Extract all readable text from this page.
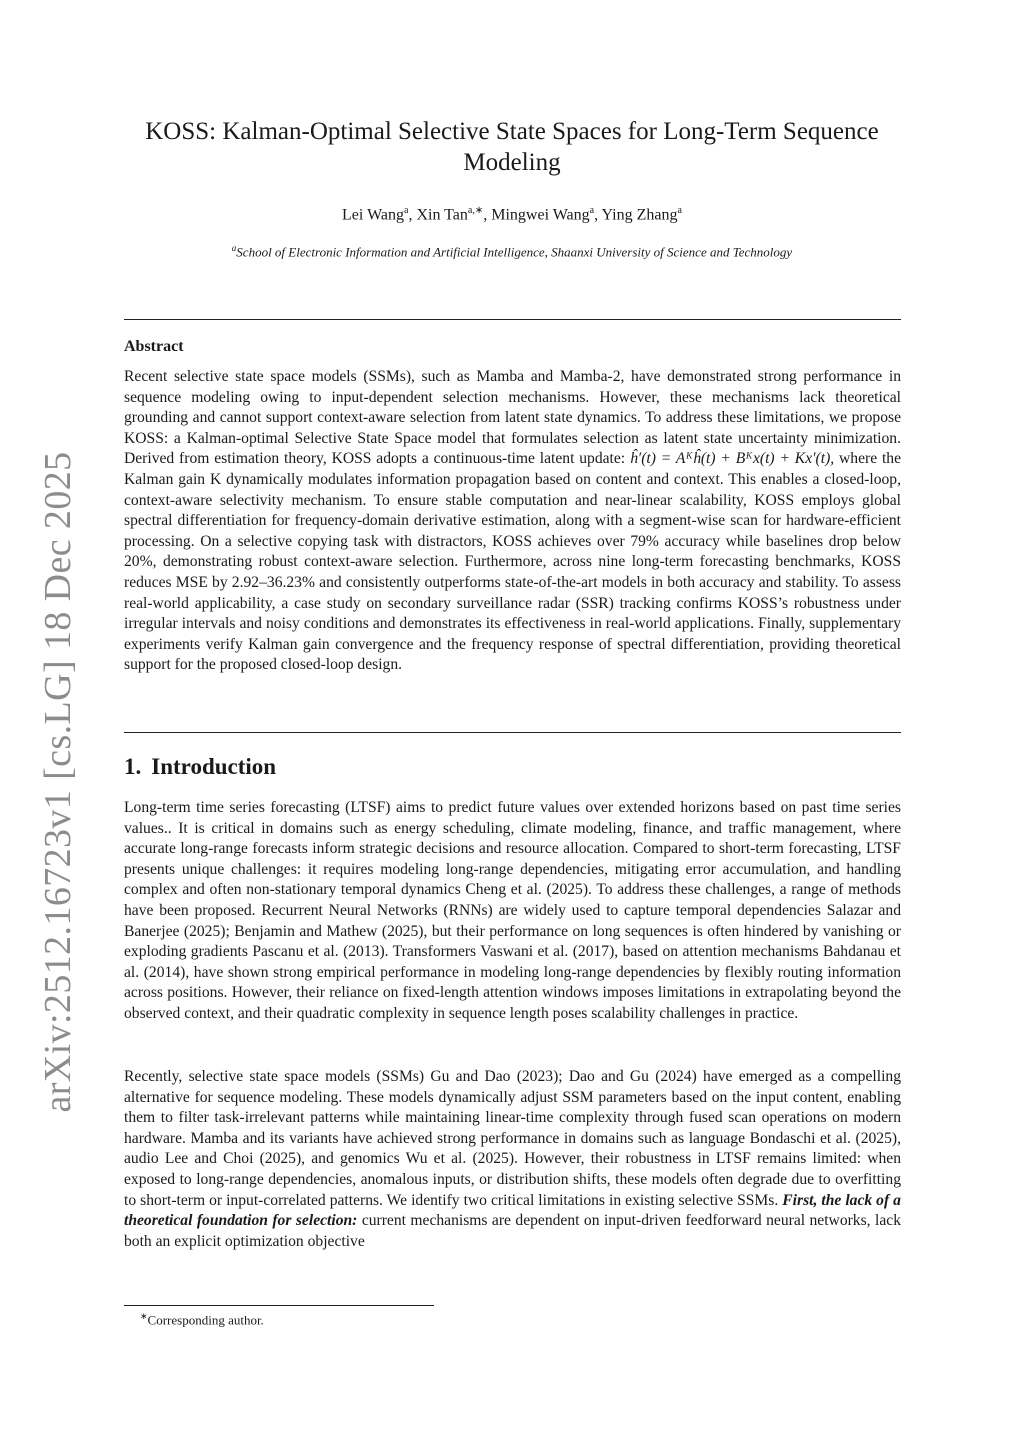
arXiv:2512.16723v1 [cs.LG] 18 Dec 2025
KOSS: Kalman-Optimal Selective State Spaces for Long-Term Sequence
Modeling
Lei Wang$^a$, Xin Tan$^{a,∗}$, Mingwei Wang$^a$, Ying Zhang$^a$
$^a$School of Electronic Information and Artificial Intelligence, Shaanxi University of Science and Technology
Abstract

Recent selective state space models (SSMs), such as Mamba and Mamba-2, have demonstrated strong performance in sequence modeling owing to input-dependent selection mechanisms. However, these mechanisms lack theoretical grounding and cannot support context-aware selection from latent state dynamics. To address these limitations, we propose KOSS: a Kalman-optimal Selective State Space model that formulates selection as latent state uncertainty minimization. Derived from estimation theory, KOSS adopts a continuous-time latent update: ĥ′(t) = Aᴷĥ(t) + Bᴷx(t) + Kx′(t), where the Kalman gain K dynamically modulates information propagation based on content and context. This enables a closed-loop, context-aware selectivity mechanism. To ensure stable computation and near-linear scalability, KOSS employs global spectral differentiation for frequency-domain derivative estimation, along with a segment-wise scan for hardware-efficient processing. On a selective copying task with distractors, KOSS achieves over 79% accuracy while baselines drop below 20%, demonstrating robust context-aware selection. Furthermore, across nine long-term forecasting benchmarks, KOSS reduces MSE by 2.92–36.23% and consistently outperforms state-of-the-art models in both accuracy and stability. To assess real-world applicability, a case study on secondary surveillance radar (SSR) tracking confirms KOSS’s robustness under irregular intervals and noisy conditions and demonstrates its effectiveness in real-world applications. Finally, supplementary experiments verify Kalman gain convergence and the frequency response of spectral differentiation, providing theoretical support for the proposed closed-loop design.

1. Introduction

Long-term time series forecasting (LTSF) aims to predict future values over extended horizons based on past time series values.. It is critical in domains such as energy scheduling, climate modeling, finance, and traffic management, where accurate long-range forecasts inform strategic decisions and resource allocation. Compared to short-term forecasting, LTSF presents unique challenges: it requires modeling long-range dependencies, mitigating error accumulation, and handling complex and often non-stationary temporal dynamics Cheng et al. (2025). To address these challenges, a range of methods have been proposed. Recurrent Neural Networks (RNNs) are widely used to capture temporal dependencies Salazar and Banerjee (2025); Benjamin and Mathew (2025), but their performance on long sequences is often hindered by vanishing or exploding gradients Pascanu et al. (2013). Transformers Vaswani et al. (2017), based on attention mechanisms Bahdanau et al. (2014), have shown strong empirical performance in modeling long-range dependencies by flexibly routing information across positions. However, their reliance on fixed-length attention windows imposes limitations in extrapolating beyond the observed context, and their quadratic complexity in sequence length poses scalability challenges in practice.

Recently, selective state space models (SSMs) Gu and Dao (2023); Dao and Gu (2024) have emerged as a compelling alternative for sequence modeling. These models dynamically adjust SSM parameters based on the input content, enabling them to filter task-irrelevant patterns while maintaining linear-time complexity through fused scan operations on modern hardware. Mamba and its variants have achieved strong performance in domains such as language Bondaschi et al. (2025), audio Lee and Choi (2025), and genomics Wu et al. (2025). However, their robustness in LTSF remains limited: when exposed to long-range dependencies, anomalous inputs, or distribution shifts, these models often degrade due to overfitting to short-term or input-correlated patterns. We identify two critical limitations in existing selective SSMs. First, the lack of a theoretical foundation for selection: current mechanisms are dependent on input-driven feedforward neural networks, lack both an explicit optimization objective

∗Corresponding author.
